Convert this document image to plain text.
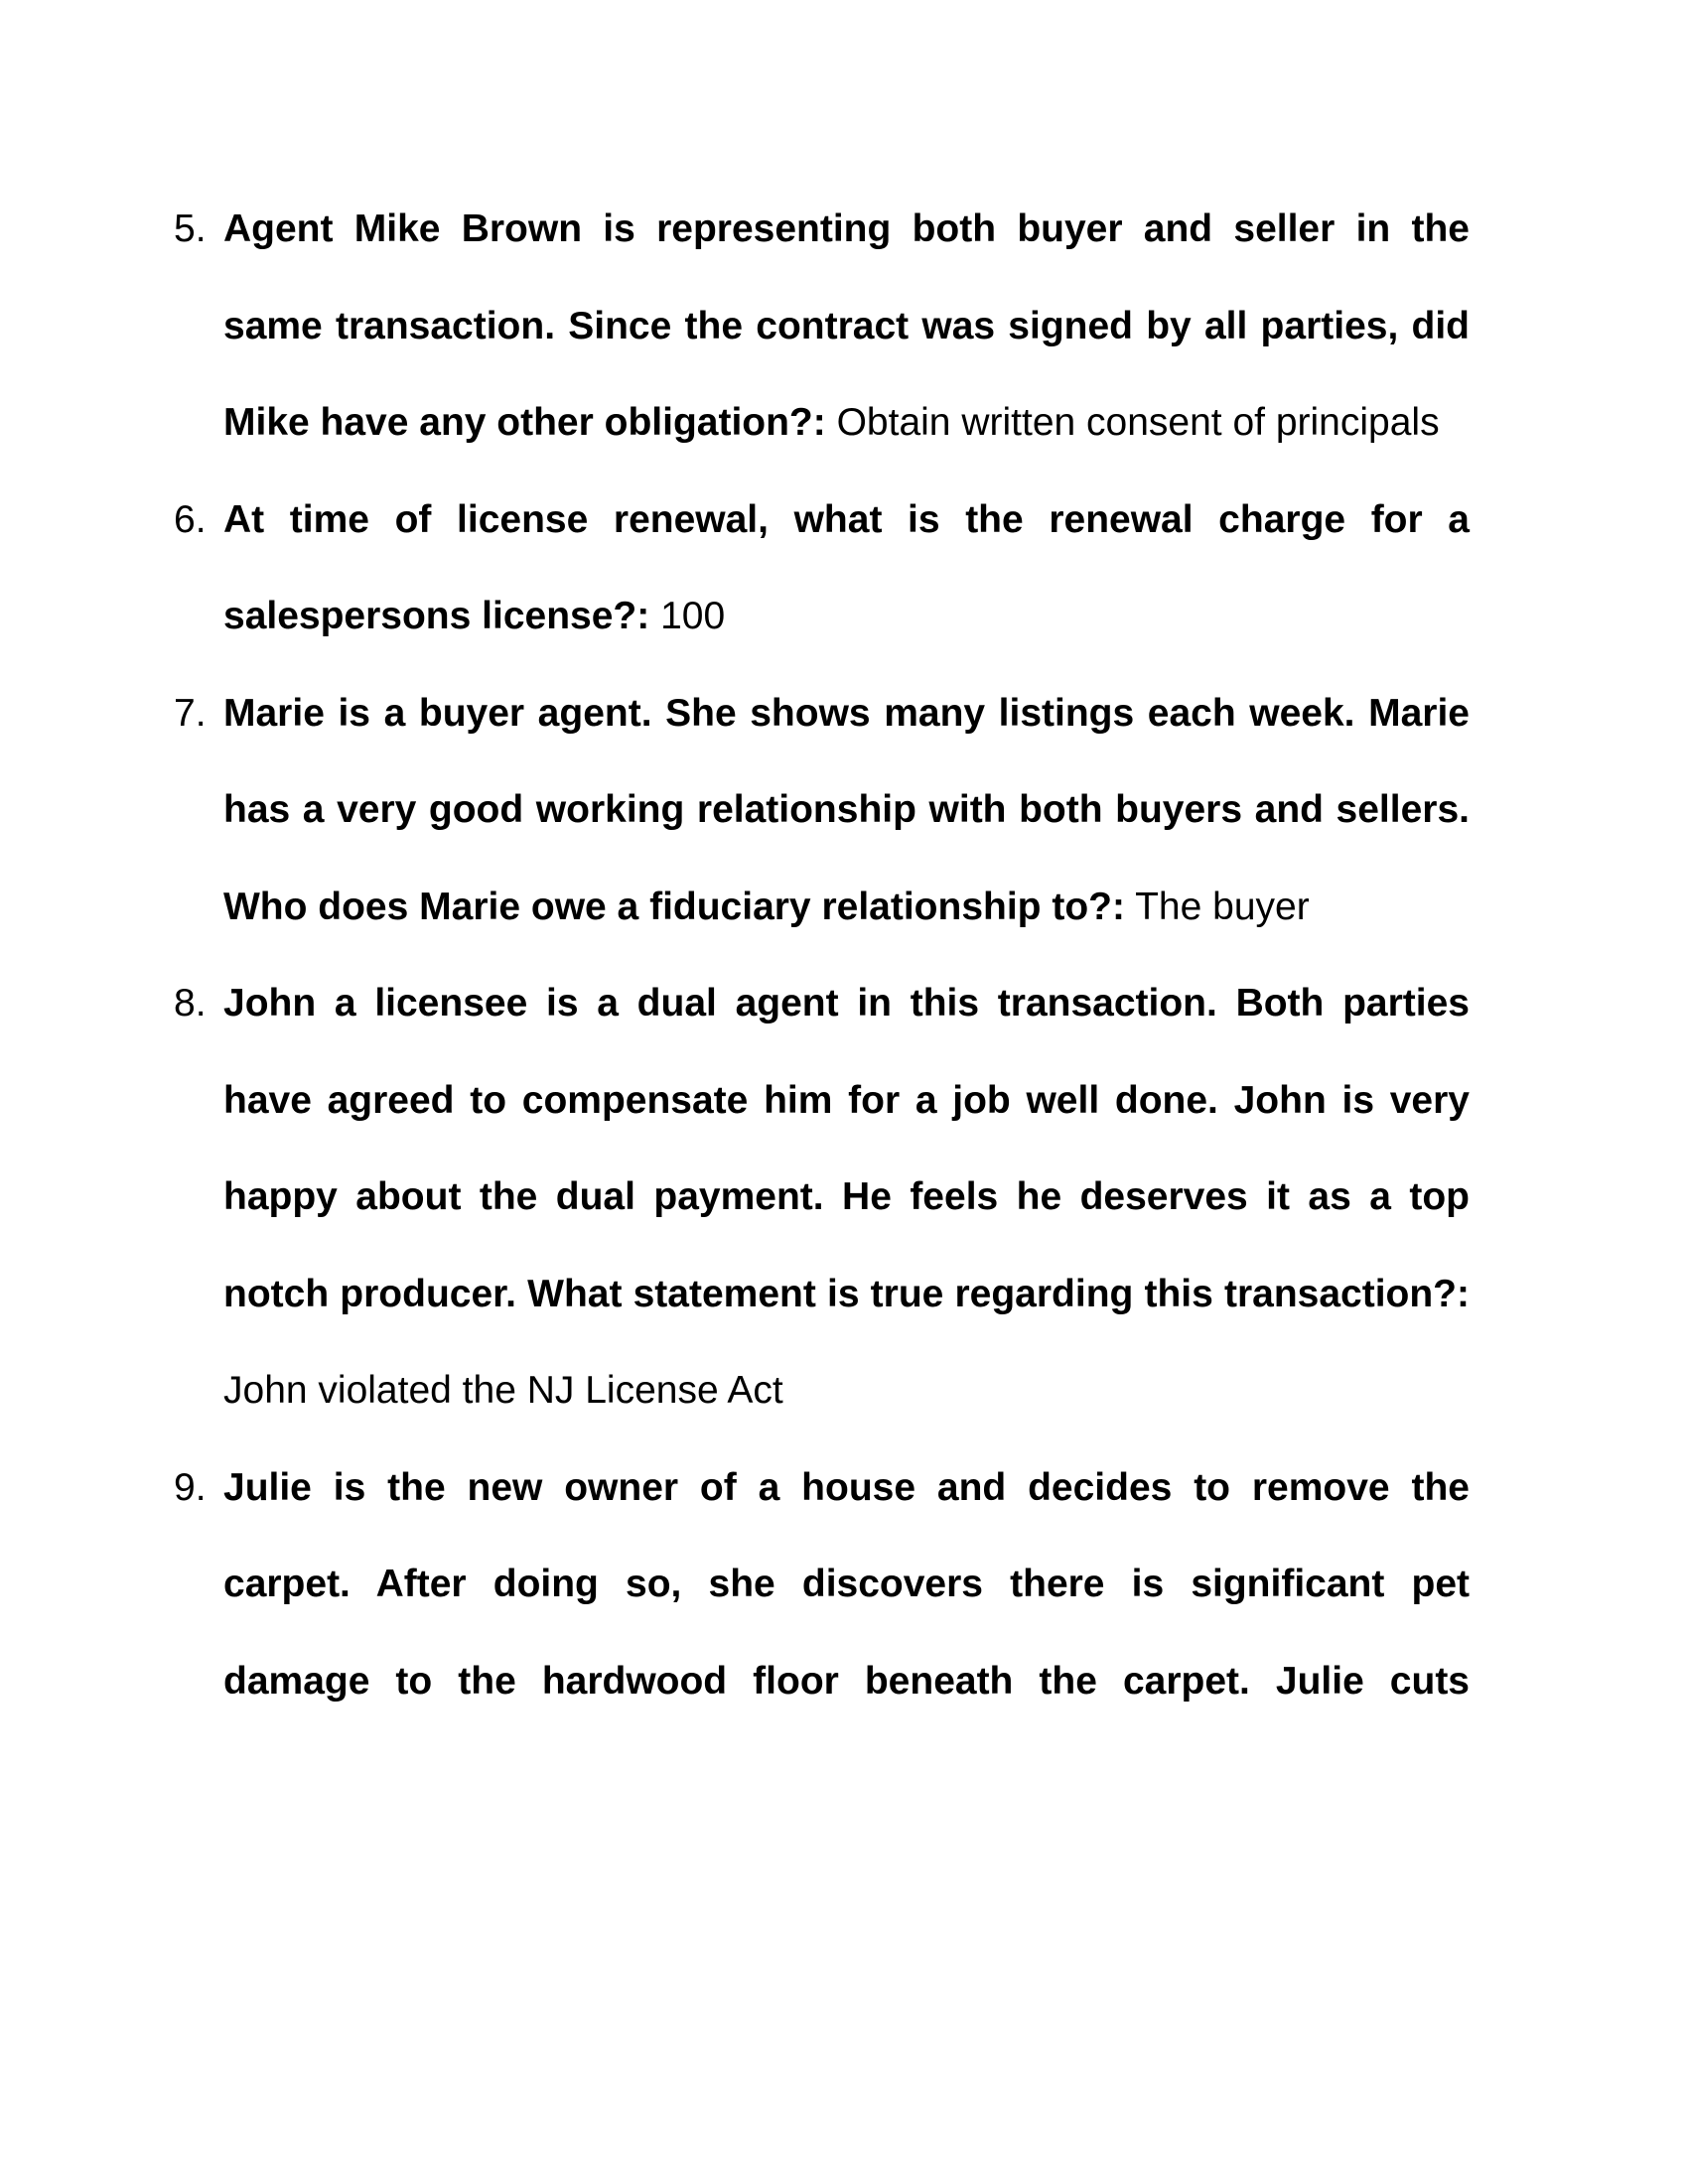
5. Agent Mike Brown is representing both buyer and seller in the same transaction. Since the contract was signed by all parties, did Mike have any other obligation?: Obtain written consent of principals
6. At time of license renewal, what is the renewal charge for a salespersons license?: 100
7. Marie is a buyer agent. She shows many listings each week. Marie has a very good working relationship with both buyers and sellers. Who does Marie owe a fiduciary relationship to?: The buyer
8. John a licensee is a dual agent in this transaction. Both parties have agreed to compensate him for a job well done. John is very happy about the dual payment. He feels he deserves it as a top notch producer. What statement is true regarding this transaction?: John violated the NJ License Act
9. Julie is the new owner of a house and decides to remove the carpet. After doing so, she discovers there is significant pet damage to the hardwood floor beneath the carpet. Julie cuts
